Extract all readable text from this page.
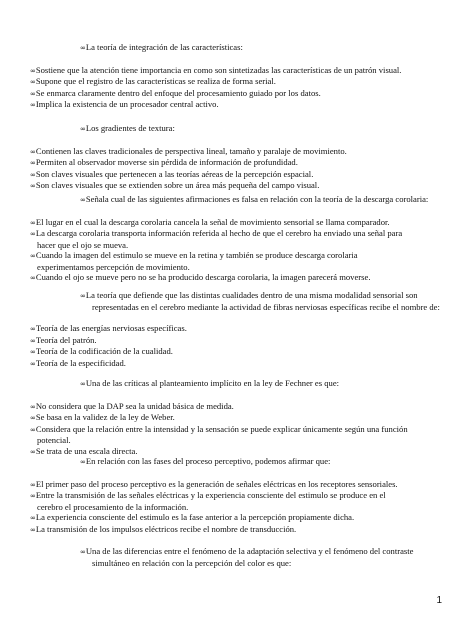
∞La teoría de integración de las características:

∞Sostiene que la atención tiene importancia en como son sintetizadas las características de un patrón visual.
∞Supone que el registro de las características se realiza de forma serial.
∞Se enmarca claramente dentro del enfoque del procesamiento guiado por los datos.
∞Implica la existencia de un procesador central activo.

∞Los gradientes de textura:

∞Contienen las claves tradicionales de perspectiva lineal, tamaño y paralaje de movimiento.
∞Permiten al observador moverse sin pérdida de información de profundidad.
∞Son claves visuales que pertenecen a las teorías aéreas de la percepción espacial.
∞Son claves visuales que se extienden sobre un área más pequeña del campo visual.

∞Señala cual de las siguientes afirmaciones es falsa en relación con la teoría de la descarga corolaria:

∞El lugar en el cual la descarga corolaria cancela la señal de movimiento sensorial se llama comparador.
∞La descarga corolaria transporta información referida al hecho de que el cerebro ha enviado una señal para
hacer que el ojo se mueva.
∞Cuando la imagen del estimulo se mueve en la retina y también se produce descarga corolaria
experimentamos percepción de movimiento.
∞Cuando el ojo se mueve pero no se ha producido descarga corolaria, la imagen parecerá moverse.

∞La teoría que defiende que las distintas cualidades dentro de una misma modalidad sensorial son
representadas en el cerebro mediante la actividad de fibras nerviosas específicas recibe el nombre de:

∞Teoría de las energías nerviosas específicas.
∞Teoría del patrón.
∞Teoría de la codificación de la cualidad.
∞Teoría de la especificidad.

∞Una de las críticas al planteamiento implícito en la ley de Fechner es que:

∞No considera que la DAP sea la unidad básica de medida.
∞Se basa en la validez de la ley de Weber.
∞Considera que la relación entre la intensidad y la sensación se puede explicar únicamente según una función
potencial.
∞Se trata de una escala directa.

∞En relación con las fases del proceso perceptivo, podemos afirmar que:

∞El primer paso del proceso perceptivo es la generación de señales eléctricas en los receptores sensoriales.
∞Entre la transmisión de las señales eléctricas y la experiencia consciente del estimulo se produce en el
cerebro el procesamiento de la información.
∞La experiencia consciente del estimulo es la fase anterior a la percepción propiamente dicha.
∞La transmisión de los impulsos eléctricos recibe el nombre de transducción.

∞Una de las diferencias entre el fenómeno de la adaptación selectiva y el fenómeno del contraste
simultáneo en relación con la percepción del color es que:

1
